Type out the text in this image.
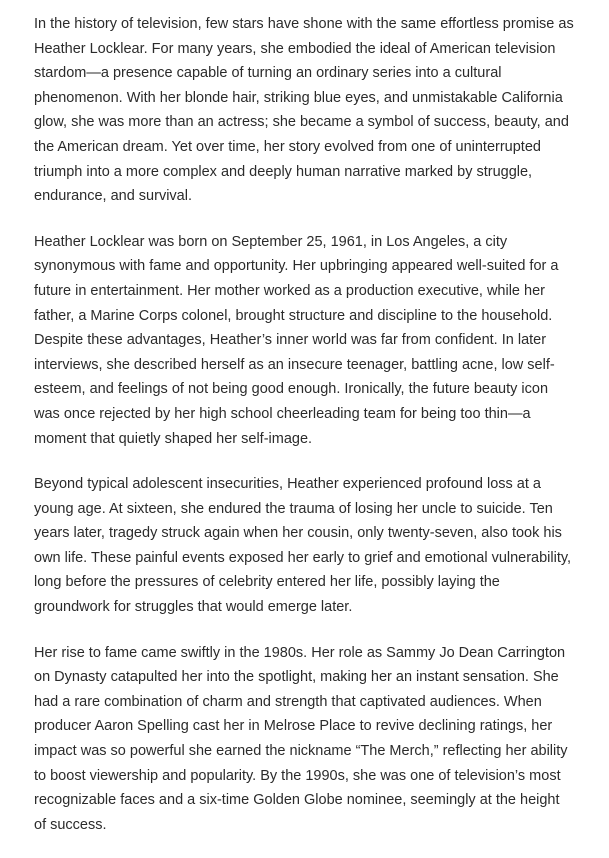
In the history of television, few stars have shone with the same effortless promise as Heather Locklear. For many years, she embodied the ideal of American television stardom—a presence capable of turning an ordinary series into a cultural phenomenon. With her blonde hair, striking blue eyes, and unmistakable California glow, she was more than an actress; she became a symbol of success, beauty, and the American dream. Yet over time, her story evolved from one of uninterrupted triumph into a more complex and deeply human narrative marked by struggle, endurance, and survival.

Heather Locklear was born on September 25, 1961, in Los Angeles, a city synonymous with fame and opportunity. Her upbringing appeared well-suited for a future in entertainment. Her mother worked as a production executive, while her father, a Marine Corps colonel, brought structure and discipline to the household. Despite these advantages, Heather’s inner world was far from confident. In later interviews, she described herself as an insecure teenager, battling acne, low self-esteem, and feelings of not being good enough. Ironically, the future beauty icon was once rejected by her high school cheerleading team for being too thin—a moment that quietly shaped her self-image.

Beyond typical adolescent insecurities, Heather experienced profound loss at a young age. At sixteen, she endured the trauma of losing her uncle to suicide. Ten years later, tragedy struck again when her cousin, only twenty-seven, also took his own life. These painful events exposed her early to grief and emotional vulnerability, long before the pressures of celebrity entered her life, possibly laying the groundwork for struggles that would emerge later.

Her rise to fame came swiftly in the 1980s. Her role as Sammy Jo Dean Carrington on Dynasty catapulted her into the spotlight, making her an instant sensation. She had a rare combination of charm and strength that captivated audiences. When producer Aaron Spelling cast her in Melrose Place to revive declining ratings, her impact was so powerful she earned the nickname “The Merch,” reflecting her ability to boost viewership and popularity. By the 1990s, she was one of television’s most recognizable faces and a six-time Golden Globe nominee, seemingly at the height of success.
